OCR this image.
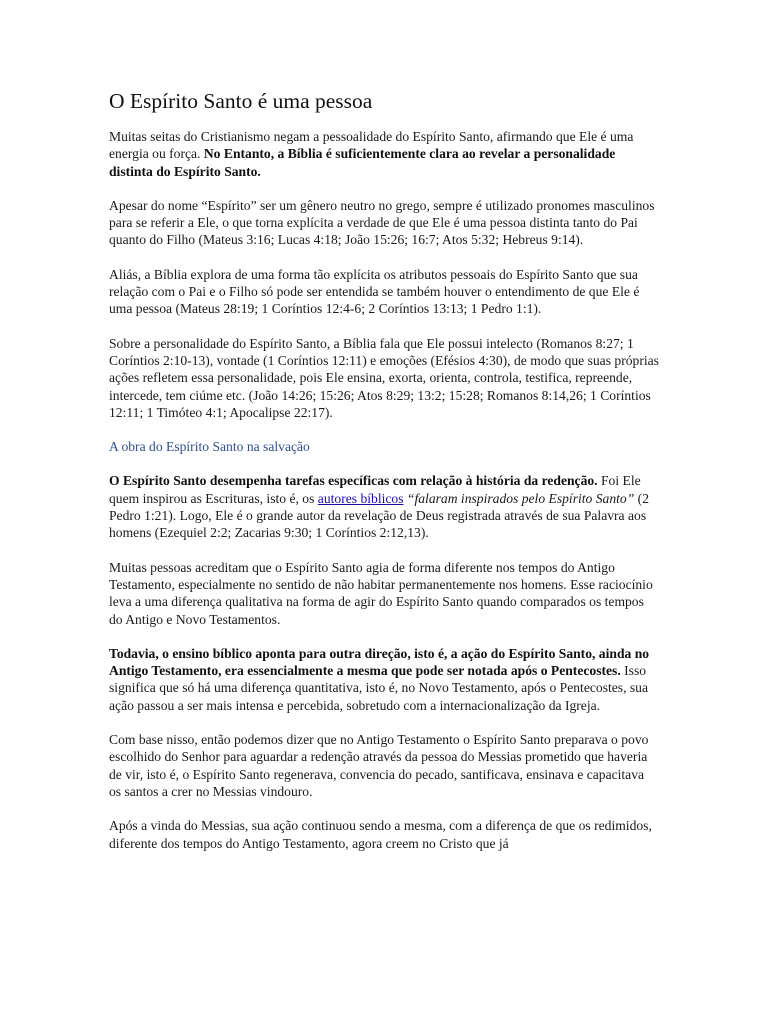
O Espírito Santo é uma pessoa

Muitas seitas do Cristianismo negam a pessoalidade do Espírito Santo, afirmando que Ele é uma energia ou força. No Entanto, a Bíblia é suficientemente clara ao revelar a personalidade distinta do Espírito Santo.

Apesar do nome “Espírito” ser um gênero neutro no grego, sempre é utilizado pronomes masculinos para se referir a Ele, o que torna explícita a verdade de que Ele é uma pessoa distinta tanto do Pai quanto do Filho (Mateus 3:16; Lucas 4:18; João 15:26; 16:7; Atos 5:32; Hebreus 9:14).

Aliás, a Bíblia explora de uma forma tão explícita os atributos pessoais do Espírito Santo que sua relação com o Pai e o Filho só pode ser entendida se também houver o entendimento de que Ele é uma pessoa (Mateus 28:19; 1 Coríntios 12:4-6; 2 Coríntios 13:13; 1 Pedro 1:1).

Sobre a personalidade do Espírito Santo, a Bíblia fala que Ele possui intelecto (Romanos 8:27; 1 Coríntios 2:10-13), vontade (1 Coríntios 12:11) e emoções (Efésios 4:30), de modo que suas próprias ações refletem essa personalidade, pois Ele ensina, exorta, orienta, controla, testifica, repreende, intercede, tem ciúme etc. (João 14:26; 15:26; Atos 8:29; 13:2; 15:28; Romanos 8:14,26; 1 Coríntios 12:11; 1 Timóteo 4:1; Apocalipse 22:17).

A obra do Espírito Santo na salvação

O Espírito Santo desempenha tarefas específicas com relação à história da redenção. Foi Ele quem inspirou as Escrituras, isto é, os autores bíblicos “falaram inspirados pelo Espírito Santo” (2 Pedro 1:21). Logo, Ele é o grande autor da revelação de Deus registrada através de sua Palavra aos homens (Ezequiel 2:2; Zacarias 9:30; 1 Coríntios 2:12,13).

Muitas pessoas acreditam que o Espírito Santo agia de forma diferente nos tempos do Antigo Testamento, especialmente no sentido de não habitar permanentemente nos homens. Esse raciocínio leva a uma diferença qualitativa na forma de agir do Espírito Santo quando comparados os tempos do Antigo e Novo Testamentos.

Todavia, o ensino bíblico aponta para outra direção, isto é, a ação do Espírito Santo, ainda no Antigo Testamento, era essencialmente a mesma que pode ser notada após o Pentecostes. Isso significa que só há uma diferença quantitativa, isto é, no Novo Testamento, após o Pentecostes, sua ação passou a ser mais intensa e percebida, sobretudo com a internacionalização da Igreja.

Com base nisso, então podemos dizer que no Antigo Testamento o Espírito Santo preparava o povo escolhido do Senhor para aguardar a redenção através da pessoa do Messias prometido que haveria de vir, isto é, o Espírito Santo regenerava, convencia do pecado, santificava, ensinava e capacitava os santos a crer no Messias vindouro.

Após a vinda do Messias, sua ação continuou sendo a mesma, com a diferença de que os redimidos, diferente dos tempos do Antigo Testamento, agora creem no Cristo que já
